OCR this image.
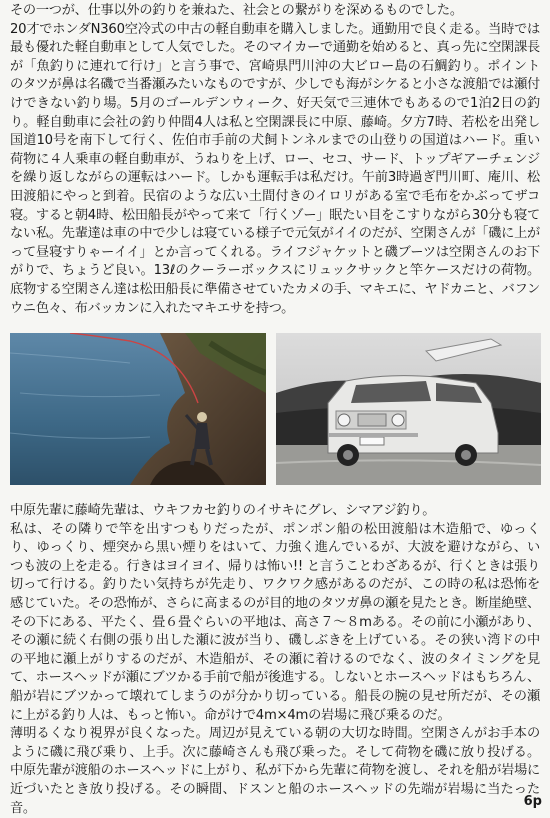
その一つが、仕事以外の釣りを兼ねた、社会との繋がりを深めるものでした。
20才でホンダN360空冷式の中古の軽自動車を購入しました。通勤用で良く走る。当時では最も優れた軽自動車として人気でした。そのマイカーで通勤を始めると、真っ先に空閑課長が「魚釣りに連れて行け」と言う事で、宮崎県門川沖の大ビロー島の石鯛釣り。ポイントのタツが鼻は名磯で当番瀬みたいなものですが、少しでも海がシケると小さな渡船では瀬付けできない釣り場。5月のゴールデンウィーク、好天気で三連休でもあるので1泊2日の釣り。軽自動車に会社の釣り仲間4人は私と空閑課長に中原、藤崎。夕方7時、若松を出発し国道10号を南下して行く、佐伯市手前の犬飼トンネルまでの山登りの国道はハード。重い荷物に４人乗車の軽自動車が、うねりを上げ、ロー、セコ、サード、トップギアーチェンジを繰り返しながらの運転はハード。しかも運転手は私だけ。午前3時過ぎ門川町、庵川、松田渡船にやっと到着。民宿のような広い土間付きのイロリがある室で毛布をかぶってザコ寝。すると朝4時、松田船長がやって来て「行くゾー」眠たい目をこすりながら30分も寝てない私。先輩達は車の中で少しは寝ている様子で元気がイイのだが、空閑さんが「磯に上がって昼寝すりゃーイイ」とか言ってくれる。ライフジャケットと磯ブーツは空閑さんのお下がりで、ちょうど良い。13ℓのクーラーボックスにリュックサックと竿ケースだけの荷物。底物する空閑さん達は松田船長に準備させていたカメの手、マキエに、ヤドカニと、バフンウニ色々、布バッカンに入れたマキエサを持つ。
中原先輩に藤崎先輩は、ウキフカセ釣りのイサキにグレ、シマアジ釣り。
私は、その隣りで竿を出すつもりだったが、ポンポン船の松田渡船は木造船で、ゆっくり、ゆっくり、煙突から黒い煙りをはいて、力強く進んでいるが、大波を避けながら、いつも波の上を走る。行きはヨイヨイ、帰りは怖い!! と言うことわざあるが、行くときは張り切って行ける。釣りたい気持ちが先走り、ワクワク感があるのだが、この時の私は恐怖を感じていた。その恐怖が、さらに高まるのが目的地のタツガ鼻の瀬を見たとき。断崖絶壁、その下にある、平たく、畳６畳ぐらいの平地は、高さ７～８mある。その前に小瀬があり、その瀬に続く右側の張り出した瀬に波が当り、磯しぶきを上げている。その狭い湾ドの中の平地に瀬上がりするのだが、木造船が、その瀬に着けるのでなく、波のタイミングを見て、ホースヘッドが瀬にブツかる手前で船が後進する。しないとホースヘッドはもちろん、船が岩にブツかって壊れてしまうのが分かり切っている。船長の腕の見せ所だが、その瀬に上がる釣り人は、もっと怖い。命がけで4m×4mの岩場に飛び乗るのだ。
薄明るくなり視界が良くなった。周辺が見えている朝の大切な時間。空閑さんがお手本のように磯に飛び乗り、上手。次に藤崎さんも飛び乗った。そして荷物を磯に放り投げる。中原先輩が渡船のホースヘッドに上がり、私が下から先輩に荷物を渡し、それを船が岩場に近づいたとき放り投げる。その瞬間、ドスンと船のホースヘッドの先端が岩場に当たった音。	6p
